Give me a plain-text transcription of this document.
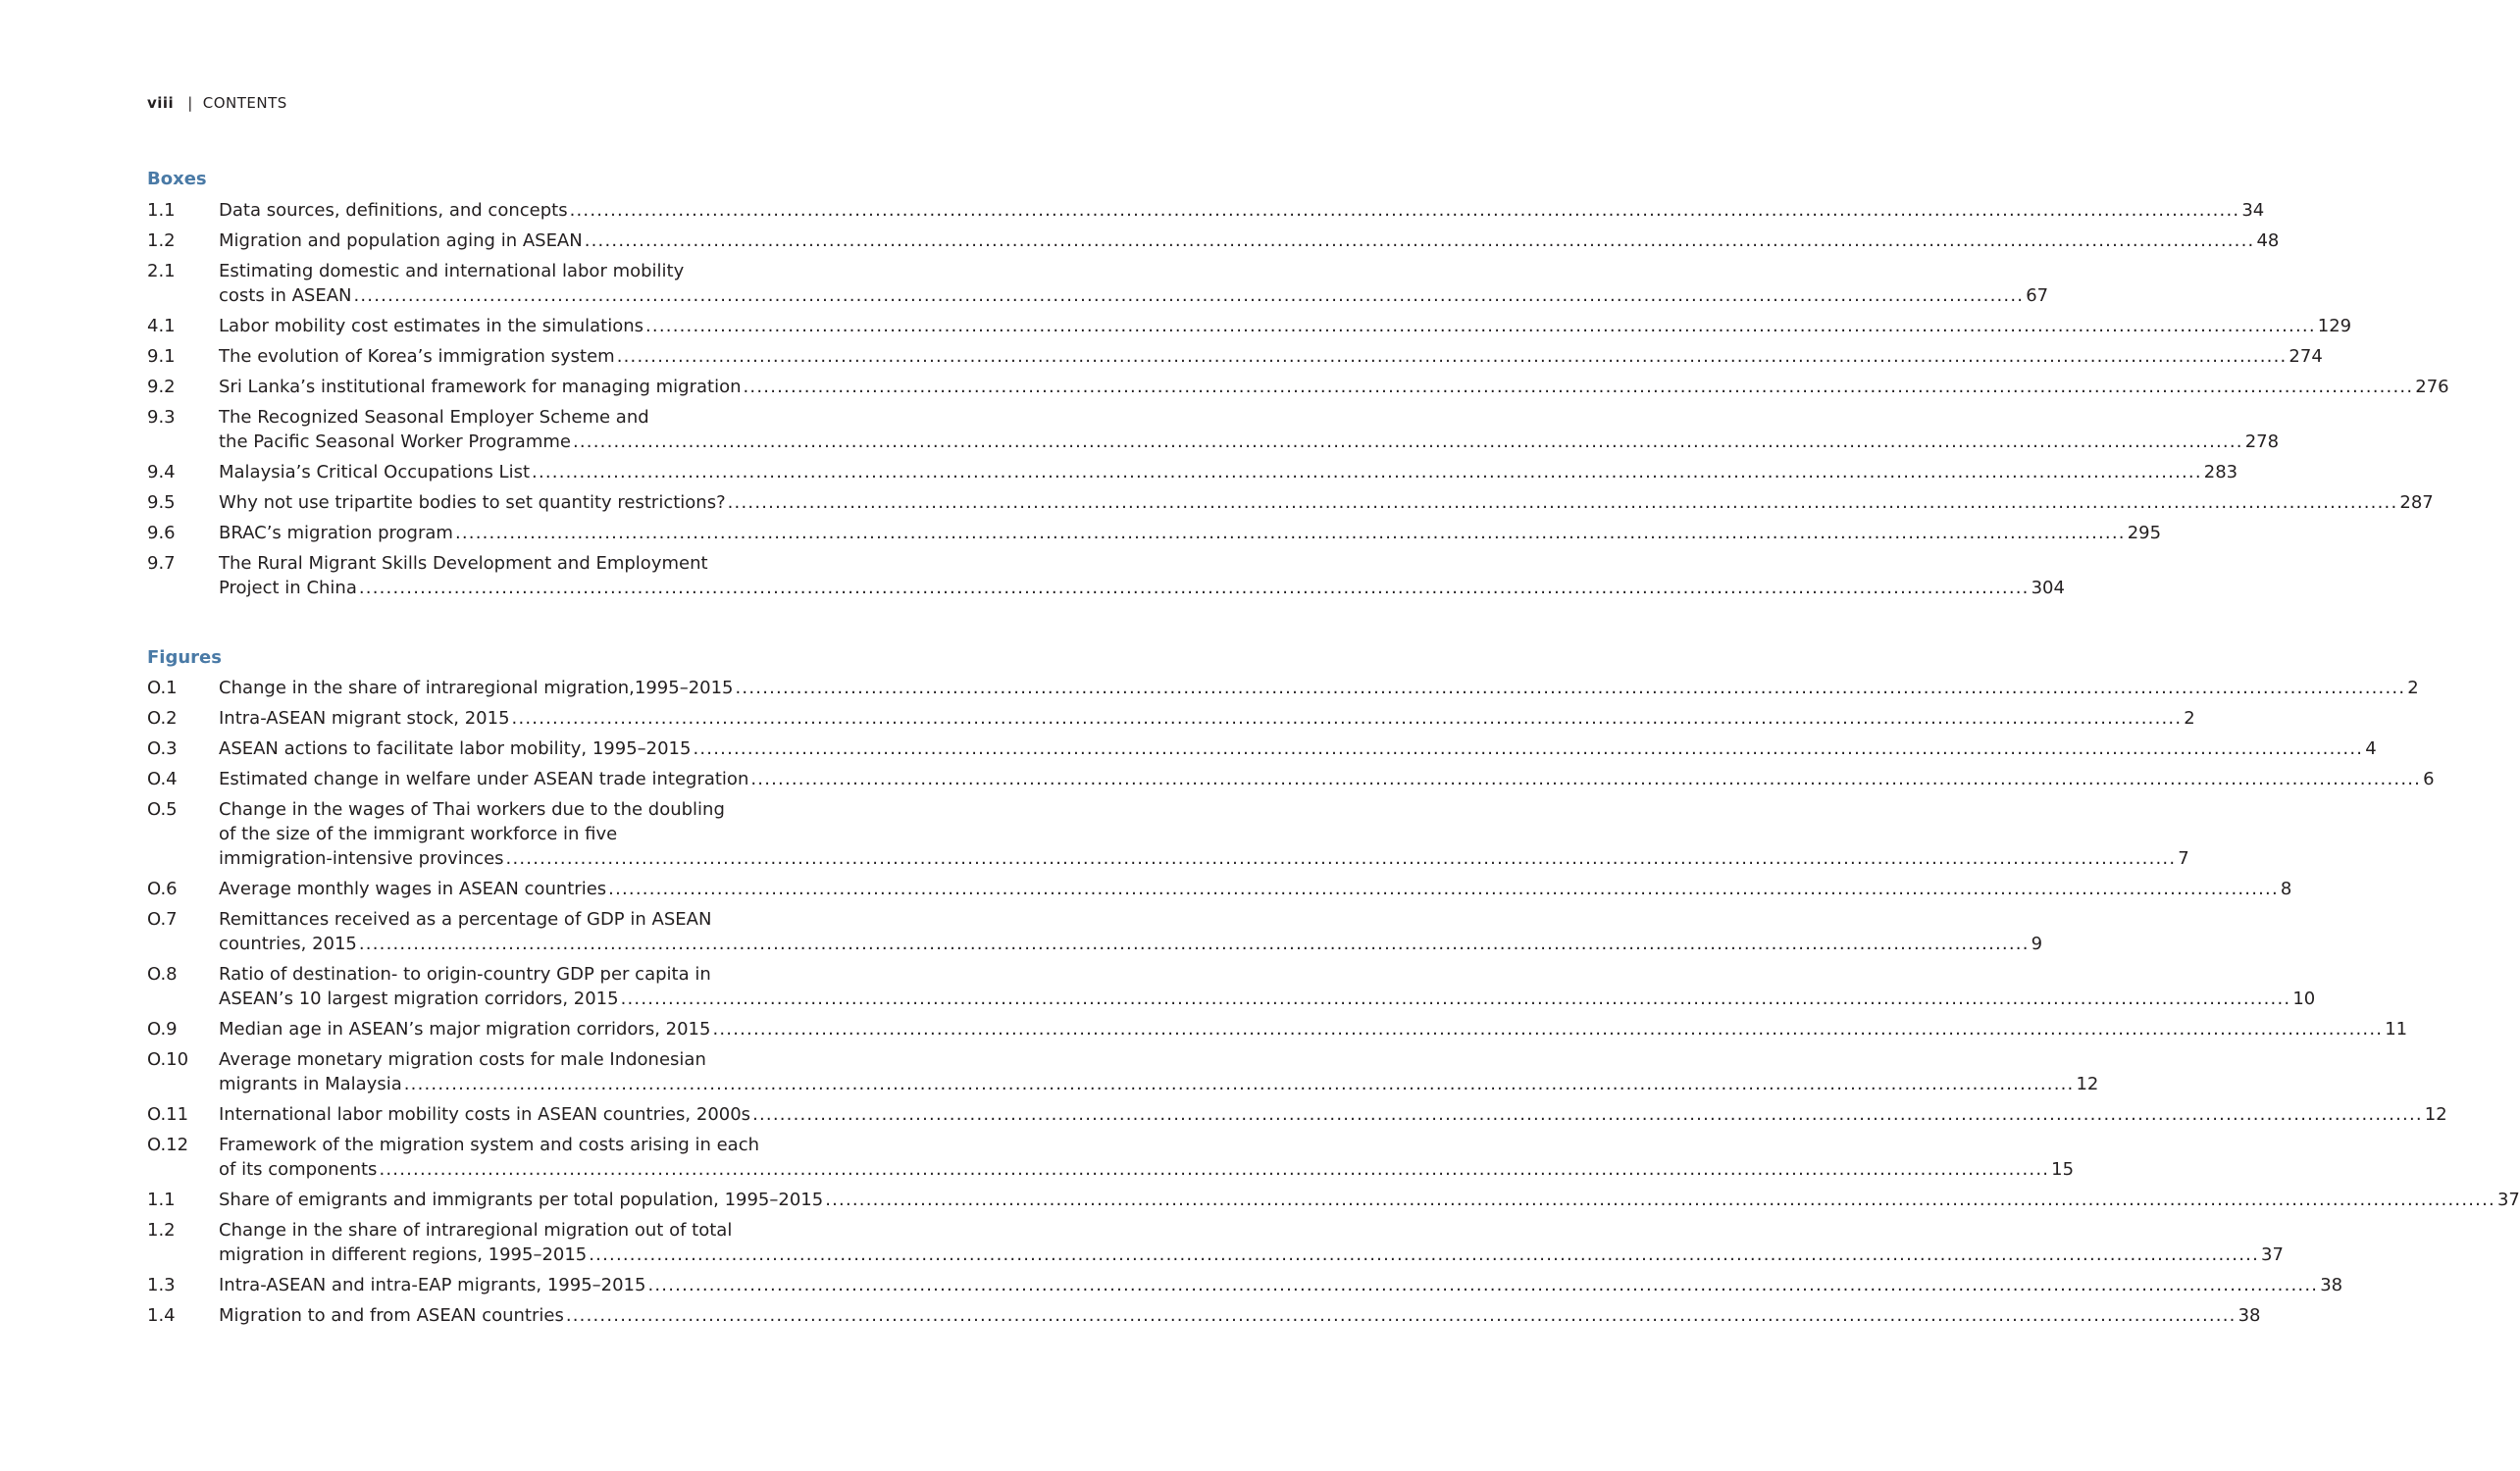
viii | CONTENTS
Boxes
1.1	Data sources, definitions, and concepts .....	34
1.2	Migration and population aging in ASEAN .....	48
2.1	Estimating domestic and international labor mobility
costs in ASEAN .....	67
4.1	Labor mobility cost estimates in the simulations .....	129
9.1	The evolution of Korea’s immigration system .....	274
9.2	Sri Lanka’s institutional framework for managing migration .....	276
9.3	The Recognized Seasonal Employer Scheme and
the Pacific Seasonal Worker Programme .....	278
9.4	Malaysia’s Critical Occupations List .....	283
9.5	Why not use tripartite bodies to set quantity restrictions? .....	287
9.6	BRAC’s migration program .....	295
9.7	The Rural Migrant Skills Development and Employment
Project in China .....	304
Figures
O.1	Change in the share of intraregional migration,1995–2015 .....	2
O.2	Intra-ASEAN migrant stock, 2015 .....	2
O.3	ASEAN actions to facilitate labor mobility, 1995–2015 .....	4
O.4	Estimated change in welfare under ASEAN trade integration .....	6
O.5	Change in the wages of Thai workers due to the doubling
of the size of the immigrant workforce in five
immigration-intensive provinces .....	7
O.6	Average monthly wages in ASEAN countries .....	8
O.7	Remittances received as a percentage of GDP in ASEAN
countries, 2015 .....	9
O.8	Ratio of destination- to origin-country GDP per capita in
ASEAN’s 10 largest migration corridors, 2015 .....	10
O.9	Median age in ASEAN’s major migration corridors, 2015 .....	11
O.10	Average monetary migration costs for male Indonesian
migrants in Malaysia .....	12
O.11	International labor mobility costs in ASEAN countries, 2000s .....	12
O.12	Framework of the migration system and costs arising in each
of its components .....	15
1.1	Share of emigrants and immigrants per total population, 1995–2015 .....	37
1.2	Change in the share of intraregional migration out of total
migration in different regions, 1995–2015 .....	37
1.3	Intra-ASEAN and intra-EAP migrants, 1995–2015 .....	38
1.4	Migration to and from ASEAN countries .....	38
